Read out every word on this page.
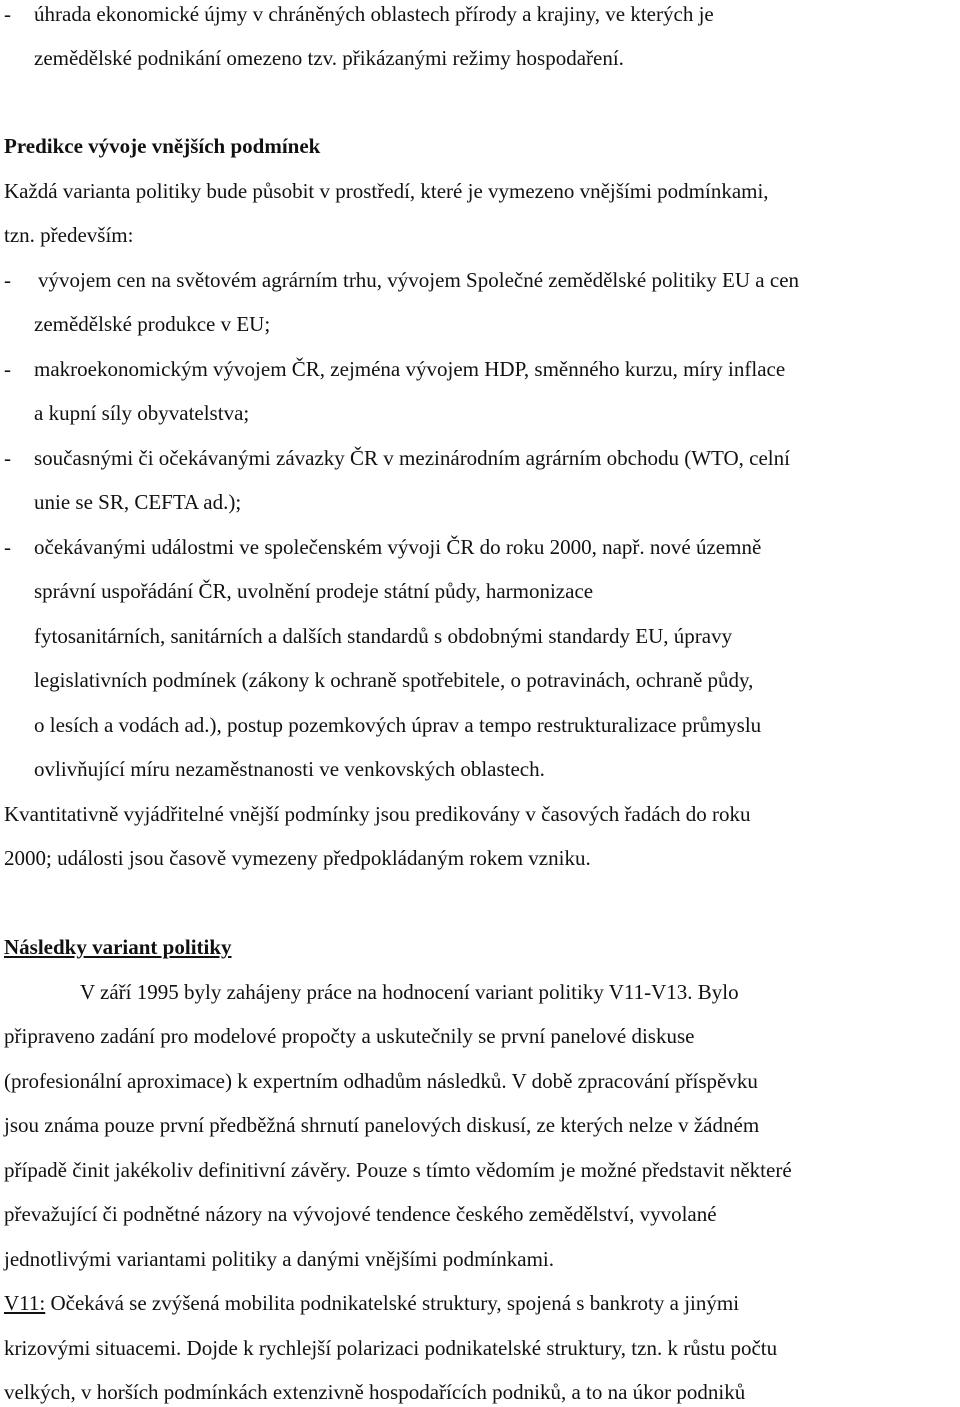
- úhrada ekonomické újmy v chráněných oblastech přírody a krajiny, ve kterých je
zemědělské podnikání omezeno tzv. přikázanými režimy hospodaření.
Predikce vývoje vnějších podmínek
Každá varianta politiky bude působit v prostředí, které je vymezeno vnějšími podmínkami,
tzn. především:
- vývojem cen na světovém agrárním trhu, vývojem Společné zemědělské politiky EU a cen
zemědělské produkce v EU;
- makroekonomickým vývojem ČR, zejména vývojem HDP, směnného kurzu, míry inflace
a kupní síly obyvatelstva;
- současnými či očekávanými závazky ČR v mezinárodním agrárním obchodu (WTO, celní
unie se SR, CEFTA ad.);
- očekávanými událostmi ve společenském vývoji ČR do roku 2000, např. nové územně
správní uspořádání ČR, uvolnění prodeje státní půdy, harmonizace
fytosanitárních, sanitárních a dalších standardů s obdobnými standardy EU, úpravy
legislativních podmínek (zákony k ochraně spotřebitele, o potravinách, ochraně půdy,
o lesích a vodách ad.), postup pozemkových úprav a tempo restrukturalizace průmyslu
ovlivňující míru nezaměstnanosti ve venkovských oblastech.
Kvantitativně vyjádřitelné vnější podmínky jsou predikovány v časových řadách do roku
2000; události jsou časově vymezeny předpokládaným rokem vzniku.
Následky variant politiky
V září 1995 byly zahájeny práce na hodnocení variant politiky V11-V13. Bylo
připraveno zadání pro modelové propočty a uskutečnily se první panelové diskuse
(profesionální aproximace) k expertním odhadům následků. V době zpracování příspěvku
jsou známa pouze první předběžná shrnutí panelových diskusí, ze kterých nelze v žádném
případě činit jakékoliv definitivní závěry. Pouze s tímto vědomím je možné představit některé
převažující či podnětné názory na vývojové tendence českého zemědělství, vyvolané
jednotlivými variantami politiky a danými vnějšími podmínkami.
V11: Očekává se zvýšená mobilita podnikatelské struktury, spojená s bankroty a jinými
krizovými situacemi. Dojde k rychlejší polarizaci podnikatelské struktury, tzn. k růstu počtu
velkých, v horších podmínkách extenzivně hospodařících podniků, a to na úkor podniků
